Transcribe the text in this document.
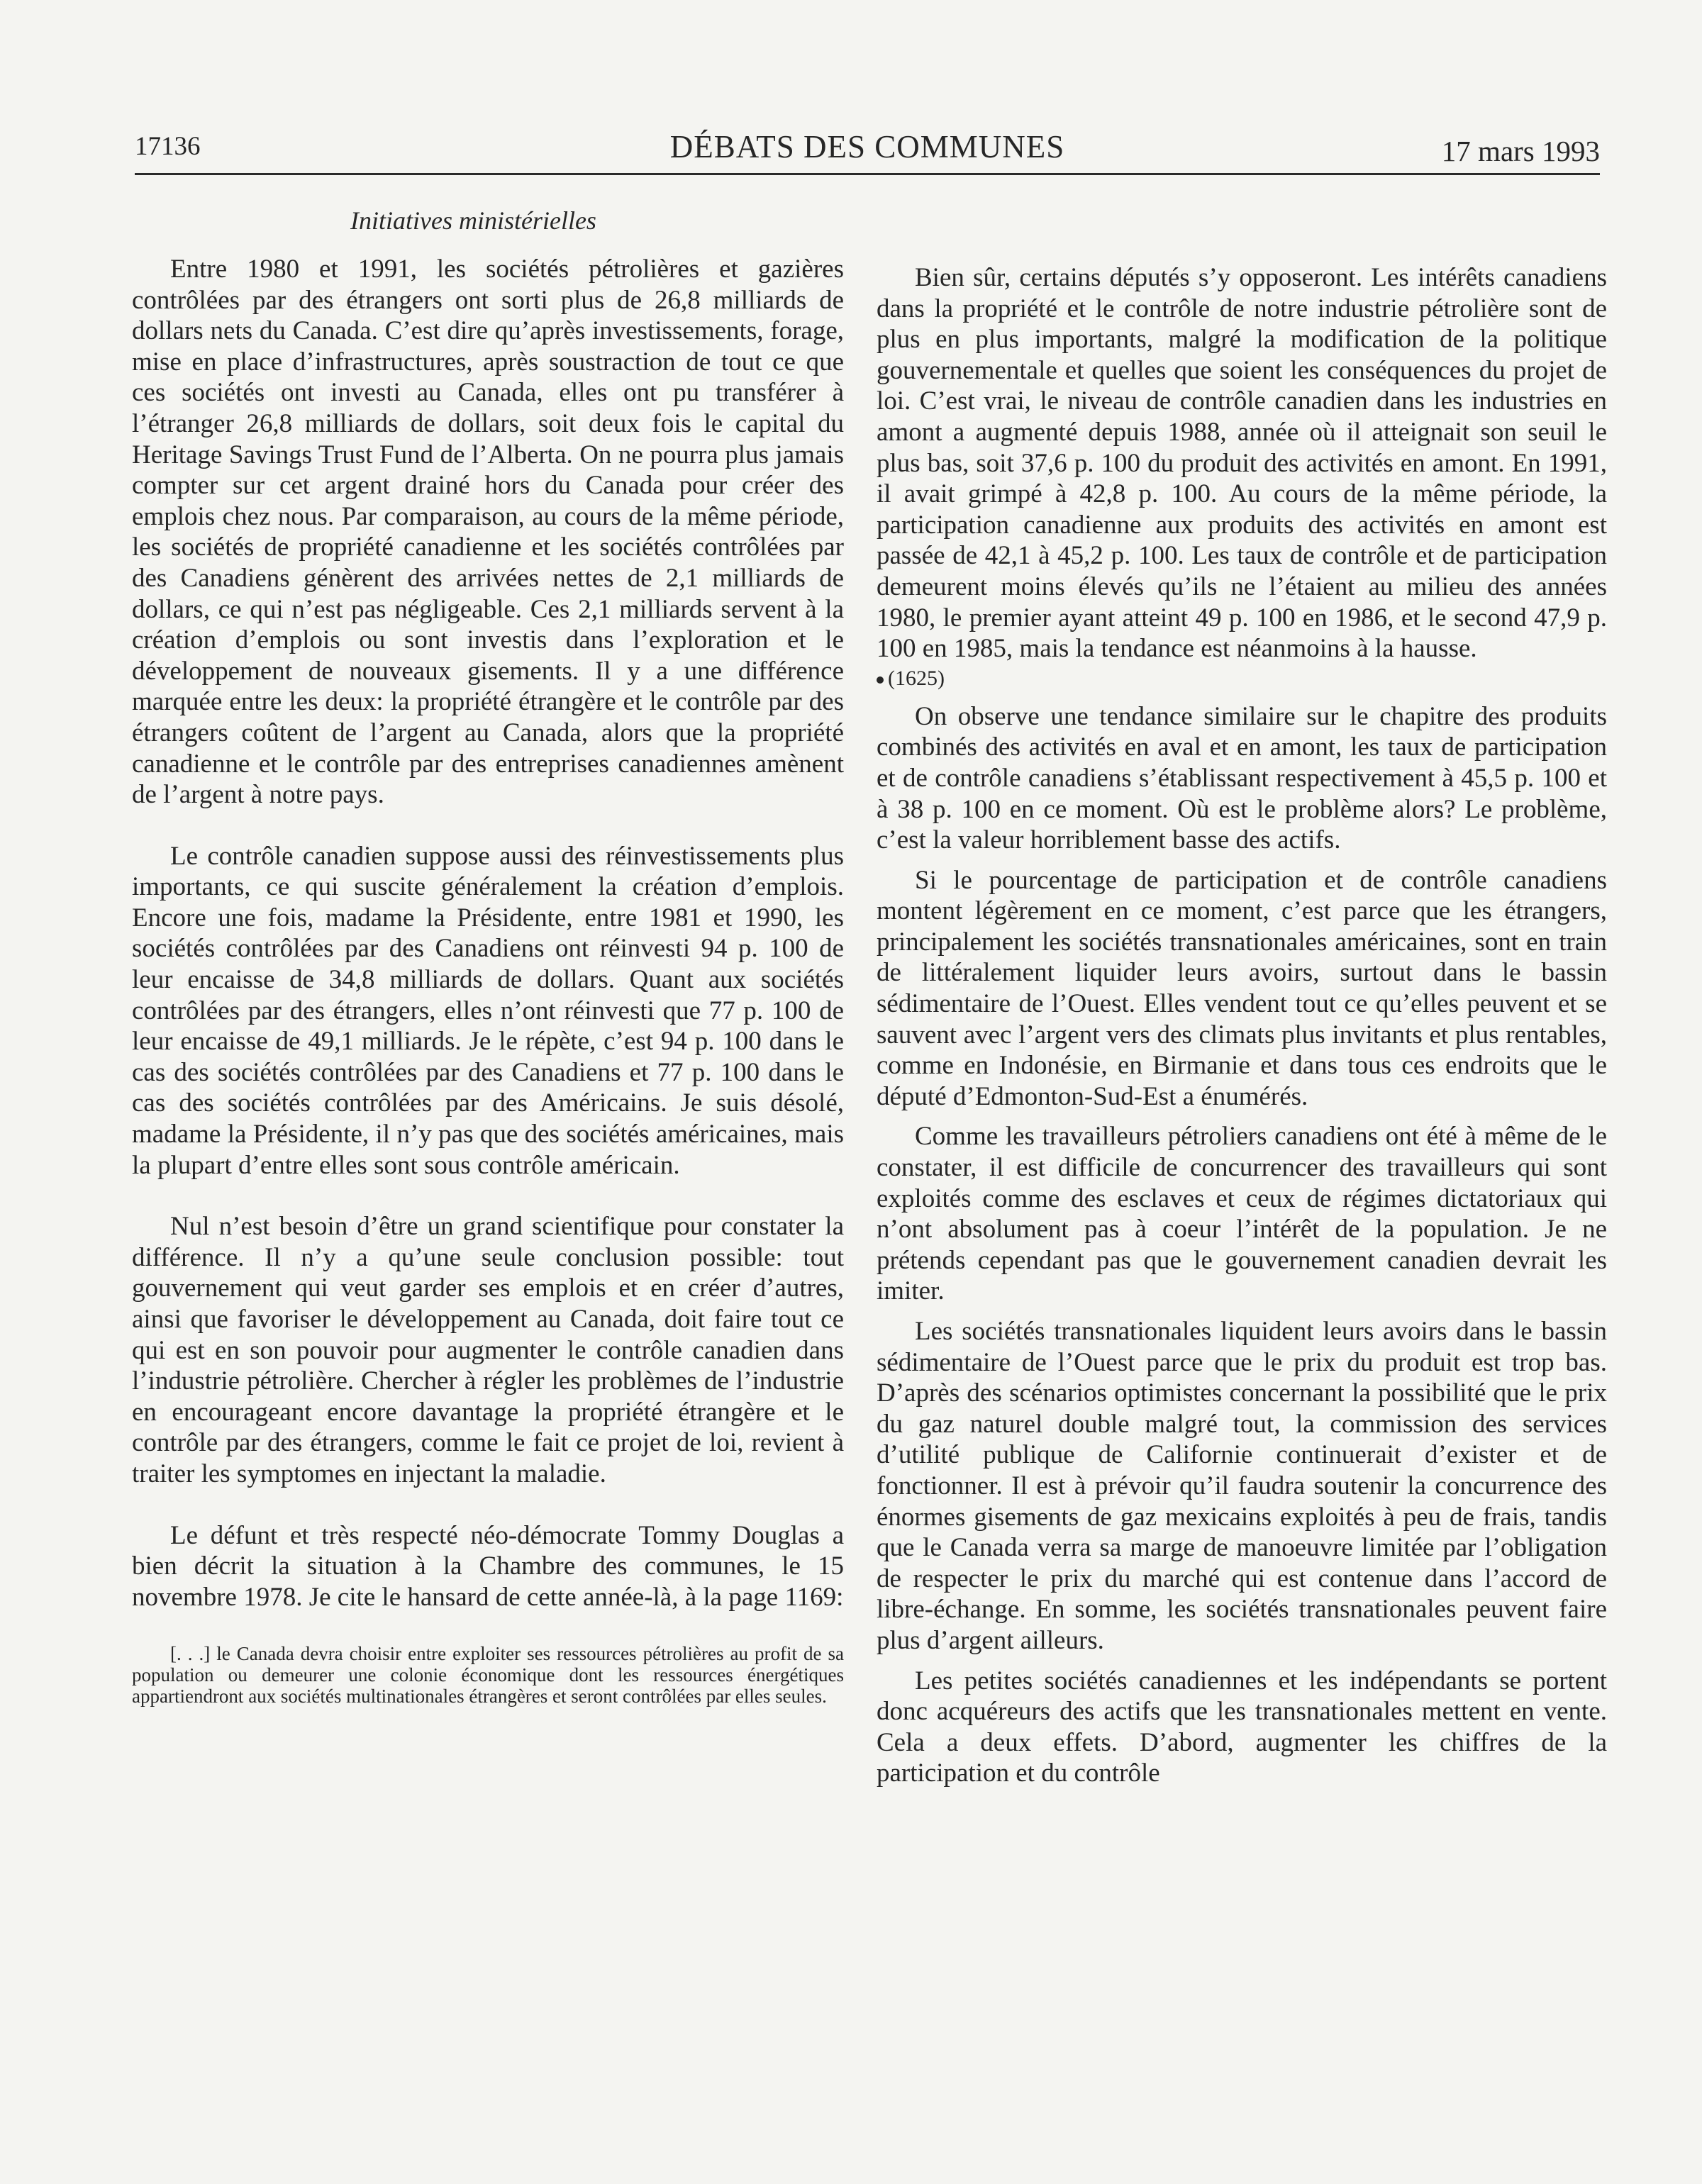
17136	DÉBATS DES COMMUNES	17 mars 1993
Initiatives ministérielles

Entre 1980 et 1991, les sociétés pétrolières et gazières contrôlées par des étrangers ont sorti plus de 26,8 milliards de dollars nets du Canada. C’est dire qu’après investissements, forage, mise en place d’infrastructures, après soustraction de tout ce que ces sociétés ont investi au Canada, elles ont pu transférer à l’étranger 26,8 milliards de dollars, soit deux fois le capital du Heritage Savings Trust Fund de l’Alberta. On ne pourra plus jamais compter sur cet argent drainé hors du Canada pour créer des emplois chez nous. Par comparaison, au cours de la même période, les sociétés de propriété canadienne et les sociétés contrôlées par des Canadiens génèrent des arrivées nettes de 2,1 milliards de dollars, ce qui n’est pas négligeable. Ces 2,1 milliards servent à la création d’emplois ou sont investis dans l’exploration et le développement de nouveaux gisements. Il y a une différence marquée entre les deux: la propriété étrangère et le contrôle par des étrangers coûtent de l’argent au Canada, alors que la propriété canadienne et le contrôle par des entreprises canadiennes amènent de l’argent à notre pays.

Le contrôle canadien suppose aussi des réinvestissements plus importants, ce qui suscite généralement la création d’emplois. Encore une fois, madame la Présidente, entre 1981 et 1990, les sociétés contrôlées par des Canadiens ont réinvesti 94 p. 100 de leur encaisse de 34,8 milliards de dollars. Quant aux sociétés contrôlées par des étrangers, elles n’ont réinvesti que 77 p. 100 de leur encaisse de 49,1 milliards. Je le répète, c’est 94 p. 100 dans le cas des sociétés contrôlées par des Canadiens et 77 p. 100 dans le cas des sociétés contrôlées par des Américains. Je suis désolé, madame la Présidente, il n’y pas que des sociétés américaines, mais la plupart d’entre elles sont sous contrôle américain.

Nul n’est besoin d’être un grand scientifique pour constater la différence. Il n’y a qu’une seule conclusion possible: tout gouvernement qui veut garder ses emplois et en créer d’autres, ainsi que favoriser le développement au Canada, doit faire tout ce qui est en son pouvoir pour augmenter le contrôle canadien dans l’industrie pétrolière. Chercher à régler les problèmes de l’industrie en encourageant encore davantage la propriété étrangère et le contrôle par des étrangers, comme le fait ce projet de loi, revient à traiter les symptomes en injectant la maladie.

Le défunt et très respecté néo-démocrate Tommy Douglas a bien décrit la situation à la Chambre des communes, le 15 novembre 1978. Je cite le hansard de cette année-là, à la page 1169:

[. . .] le Canada devra choisir entre exploiter ses ressources pétrolières au profit de sa population ou demeurer une colonie économique dont les ressources énergétiques appartiendront aux sociétés multinationales étrangères et seront contrôlées par elles seules.

Bien sûr, certains députés s’y opposeront. Les intérêts canadiens dans la propriété et le contrôle de notre industrie pétrolière sont de plus en plus importants, malgré la modification de la politique gouvernementale et quelles que soient les conséquences du projet de loi. C’est vrai, le niveau de contrôle canadien dans les industries en amont a augmenté depuis 1988, année où il atteignait son seuil le plus bas, soit 37,6 p. 100 du produit des activités en amont. En 1991, il avait grimpé à 42,8 p. 100. Au cours de la même période, la participation canadienne aux produits des activités en amont est passée de 42,1 à 45,2 p. 100. Les taux de contrôle et de participation demeurent moins élevés qu’ils ne l’étaient au milieu des années 1980, le premier ayant atteint 49 p. 100 en 1986, et le second 47,9 p. 100 en 1985, mais la tendance est néanmoins à la hausse.

(1625)

On observe une tendance similaire sur le chapitre des produits combinés des activités en aval et en amont, les taux de participation et de contrôle canadiens s’établissant respectivement à 45,5 p. 100 et à 38 p. 100 en ce moment. Où est le problème alors? Le problème, c’est la valeur horriblement basse des actifs.

Si le pourcentage de participation et de contrôle canadiens montent légèrement en ce moment, c’est parce que les étrangers, principalement les sociétés transnationales américaines, sont en train de littéralement liquider leurs avoirs, surtout dans le bassin sédimentaire de l’Ouest. Elles vendent tout ce qu’elles peuvent et se sauvent avec l’argent vers des climats plus invitants et plus rentables, comme en Indonésie, en Birmanie et dans tous ces endroits que le député d’Edmonton-Sud-Est a énumérés.

Comme les travailleurs pétroliers canadiens ont été à même de le constater, il est difficile de concurrencer des travailleurs qui sont exploités comme des esclaves et ceux de régimes dictatoriaux qui n’ont absolument pas à coeur l’intérêt de la population. Je ne prétends cependant pas que le gouvernement canadien devrait les imiter.

Les sociétés transnationales liquident leurs avoirs dans le bassin sédimentaire de l’Ouest parce que le prix du produit est trop bas. D’après des scénarios optimistes concernant la possibilité que le prix du gaz naturel double malgré tout, la commission des services d’utilité publique de Californie continuerait d’exister et de fonctionner. Il est à prévoir qu’il faudra soutenir la concurrence des énormes gisements de gaz mexicains exploités à peu de frais, tandis que le Canada verra sa marge de manoeuvre limitée par l’obligation de respecter le prix du marché qui est contenue dans l’accord de libre-échange. En somme, les sociétés transnationales peuvent faire plus d’argent ailleurs.

Les petites sociétés canadiennes et les indépendants se portent donc acquéreurs des actifs que les transnationales mettent en vente. Cela a deux effets. D’abord, augmenter les chiffres de la participation et du contrôle
